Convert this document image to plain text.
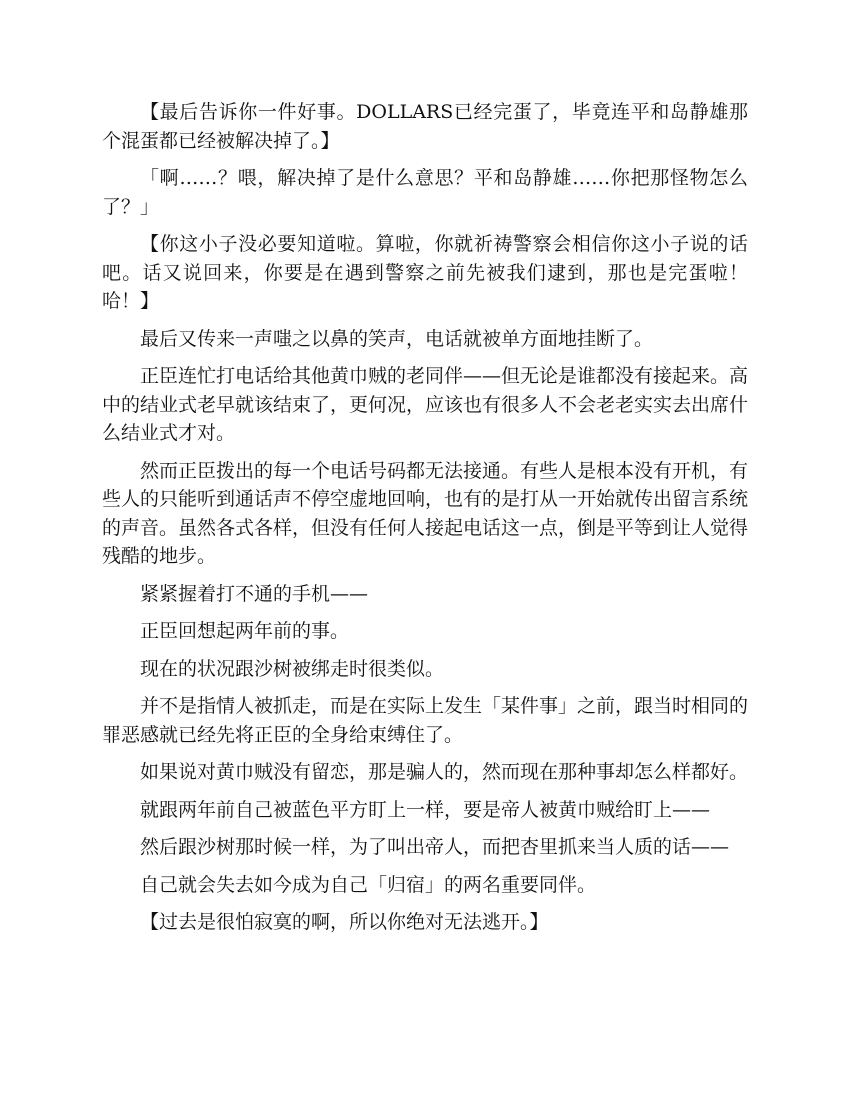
【最后告诉你一件好事。DOLLARS已经完蛋了，毕竟连平和岛静雄那个混蛋都已经被解决掉了。】

「啊……？喂，解决掉了是什么意思？平和岛静雄……你把那怪物怎么了？」

【你这小子没必要知道啦。算啦，你就祈祷警察会相信你这小子说的话吧。话又说回来，你要是在遇到警察之前先被我们逮到，那也是完蛋啦！哈！】

最后又传来一声嗤之以鼻的笑声，电话就被单方面地挂断了。

正臣连忙打电话给其他黄巾贼的老同伴——但无论是谁都没有接起来。高中的结业式老早就该结束了，更何况，应该也有很多人不会老老实实去出席什么结业式才对。

然而正臣拨出的每一个电话号码都无法接通。有些人是根本没有开机，有些人的只能听到通话声不停空虚地回响，也有的是打从一开始就传出留言系统的声音。虽然各式各样，但没有任何人接起电话这一点，倒是平等到让人觉得残酷的地步。

紧紧握着打不通的手机——

正臣回想起两年前的事。

现在的状况跟沙树被绑走时很类似。

并不是指情人被抓走，而是在实际上发生「某件事」之前，跟当时相同的罪恶感就已经先将正臣的全身给束缚住了。

如果说对黄巾贼没有留恋，那是骗人的，然而现在那种事却怎么样都好。

就跟两年前自己被蓝色平方盯上一样，要是帝人被黄巾贼给盯上——

然后跟沙树那时候一样，为了叫出帝人，而把杏里抓来当人质的话——

自己就会失去如今成为自己「归宿」的两名重要同伴。

【过去是很怕寂寞的啊，所以你绝对无法逃开。】
